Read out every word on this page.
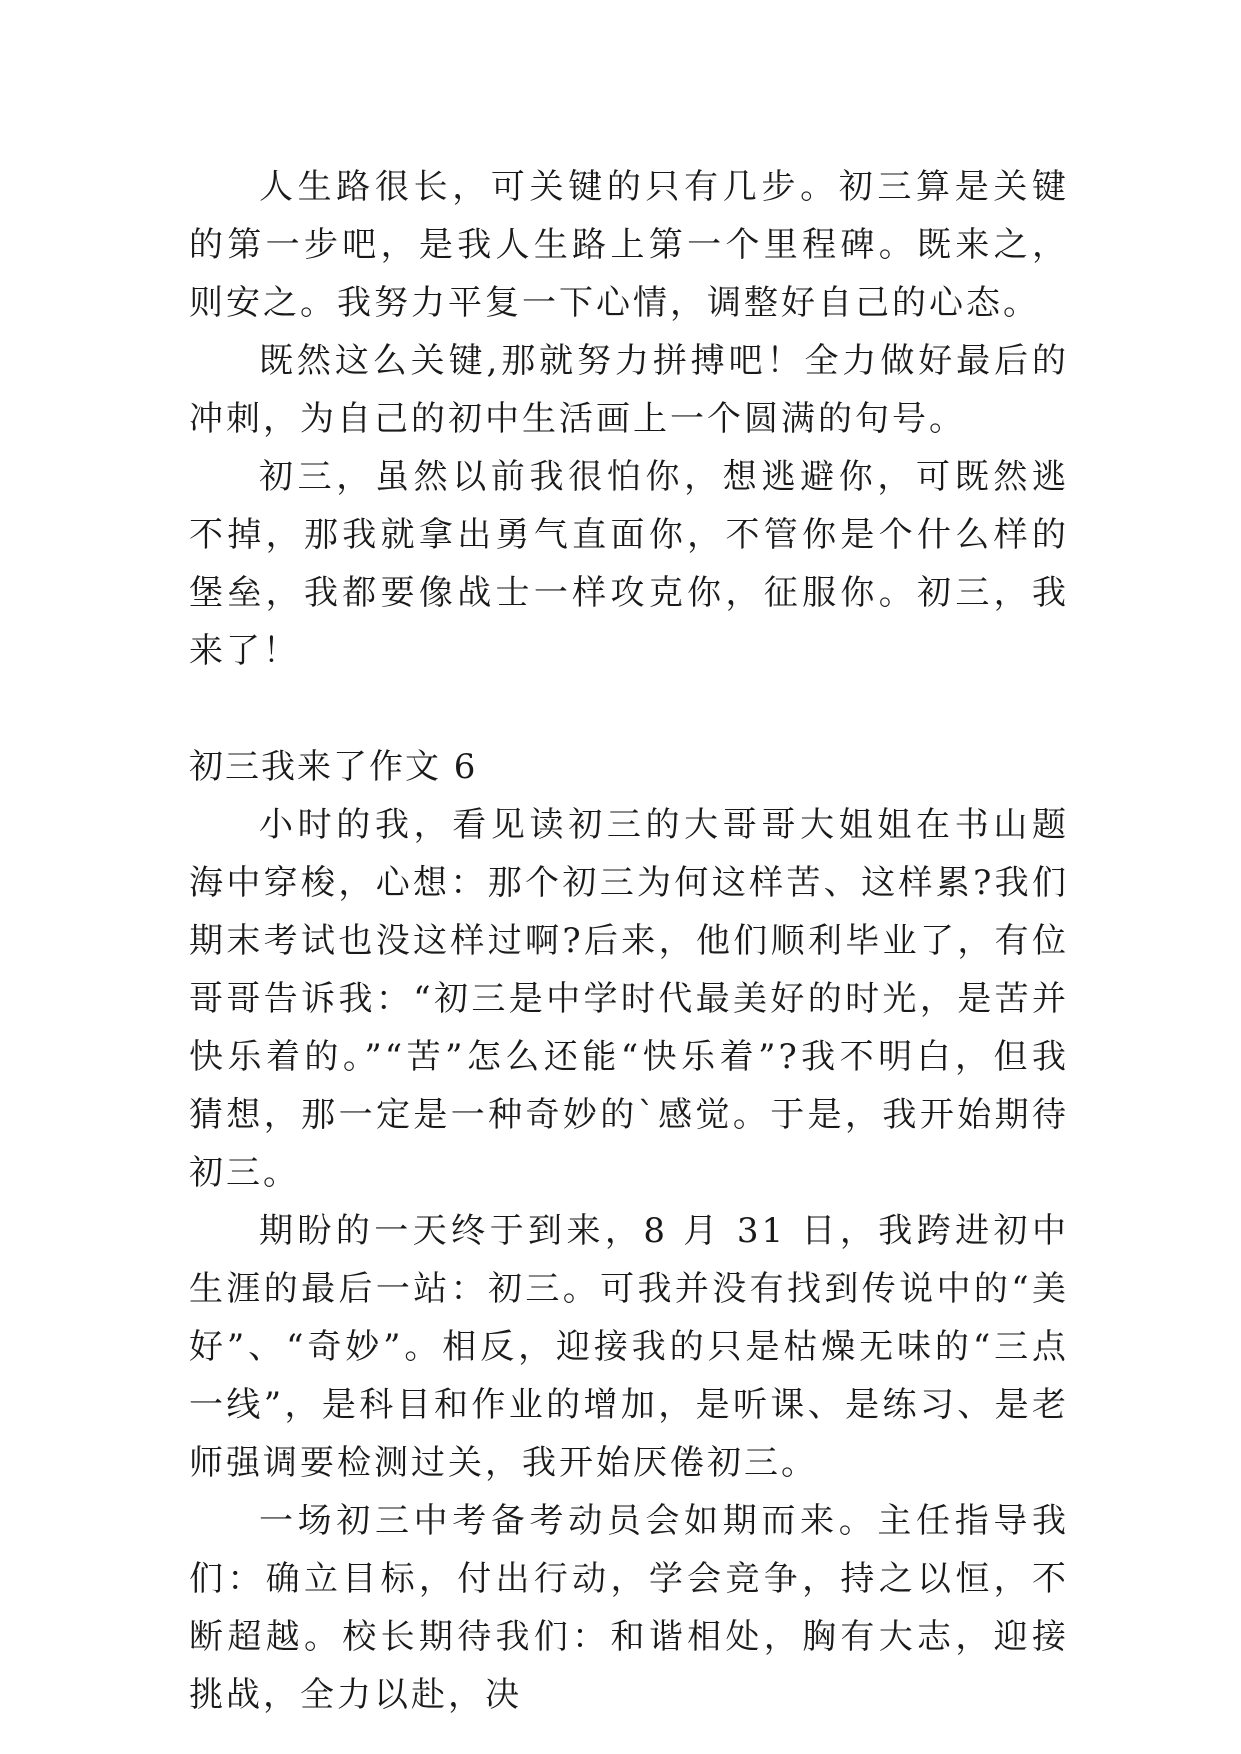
人生路很长，可关键的只有几步。初三算是关键的第一步吧，是我人生路上第一个里程碑。既来之，则安之。我努力平复一下心情，调整好自己的心态。

既然这么关键,那就努力拼搏吧！全力做好最后的冲刺，为自己的初中生活画上一个圆满的句号。

初三，虽然以前我很怕你，想逃避你，可既然逃不掉，那我就拿出勇气直面你，不管你是个什么样的堡垒，我都要像战士一样攻克你，征服你。初三，我来了！

初三我来了作文 6

小时的我，看见读初三的大哥哥大姐姐在书山题海中穿梭，心想：那个初三为何这样苦、这样累?我们期末考试也没这样过啊?后来，他们顺利毕业了，有位哥哥告诉我：“初三是中学时代最美好的时光，是苦并快乐着的。”“苦”怎么还能“快乐着”?我不明白，但我猜想，那一定是一种奇妙的`感觉。于是，我开始期待初三。

期盼的一天终于到来，8 月 31 日，我跨进初中生涯的最后一站：初三。可我并没有找到传说中的“美好”、“奇妙”。相反，迎接我的只是枯燥无味的“三点一线”，是科目和作业的增加，是听课、是练习、是老师强调要检测过关，我开始厌倦初三。

一场初三中考备考动员会如期而来。主任指导我们：确立目标，付出行动，学会竞争，持之以恒，不断超越。校长期待我们：和谐相处，胸有大志，迎接挑战，全力以赴，决
